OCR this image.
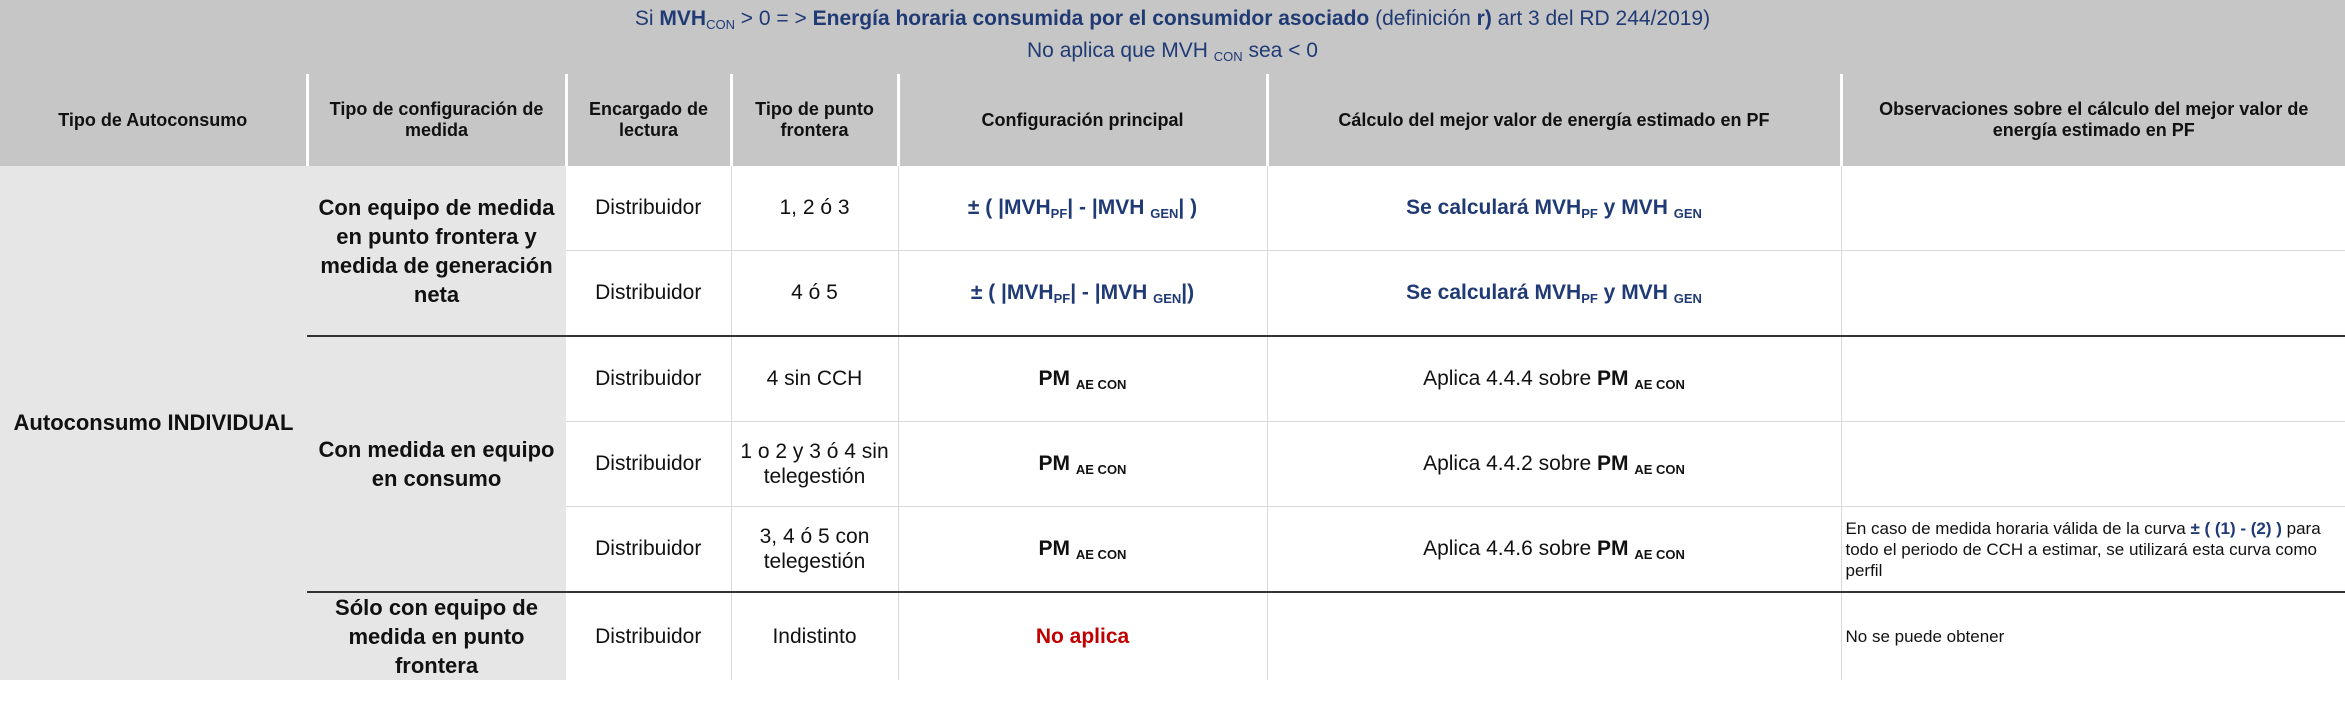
Si $MVH_{CON} > 0$ = > Energía horaria consumida por el consumidor asociado (definición r) art 3 del RD 244/2019)
No aplica que MVH $_{CON}$ sea < 0
Tipo de Autoconsumo	Tipo de configuración de medida	Encargado de lectura	Tipo de punto frontera	Configuración principal	Cálculo del mejor valor de energía estimado en PF	Observaciones sobre el cálculo del mejor valor de energía estimado en PF
Autoconsumo INDIVIDUAL	Con equipo de medida en punto frontera y medida de generación neta	Distribuidor	1, 2 ó 3	± ( $|MVH_{PF}| - |MVH$ $_{GEN}$| )	Se calculará $MVH_{PF}$ y MVH $_{GEN}$	
		Distribuidor	4 ó 5	± ( $|MVH_{PF}| - |MVH$ $_{GEN}$|)	Se calculará $MVH_{PF}$ y MVH $_{GEN}$	
	Con medida en equipo en consumo	Distribuidor	4 sin CCH	PM $_{AE CON}$	Aplica 4.4.4 sobre PM $_{AE CON}$	
		Distribuidor	1 o 2 y 3 ó 4 sin telegestión	PM $_{AE CON}$	Aplica 4.4.2 sobre PM $_{AE CON}$	
		Distribuidor	3, 4 ó 5 con telegestión	PM $_{AE CON}$	Aplica 4.4.6 sobre PM $_{AE CON}$	En caso de medida horaria válida de la curva ± ( (1) - (2) ) para todo el periodo de CCH a estimar, se utilizará esta curva como perfil
	Sólo con equipo de medida en punto frontera	Distribuidor	Indistinto	No aplica		No se puede obtener
